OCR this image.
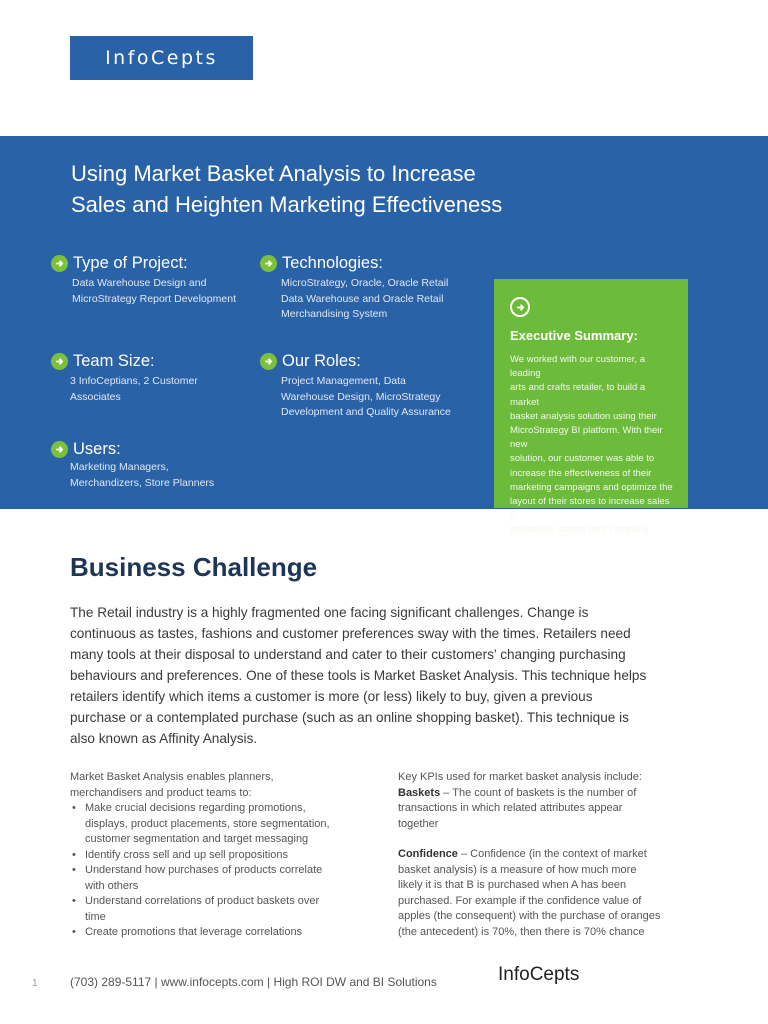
InfoCepts
Using Market Basket Analysis to Increase
Sales and Heighten Marketing Effectiveness
Type of Project:
Data Warehouse Design and
MicroStrategy Report Development
Technologies:
MicroStrategy, Oracle, Oracle Retail
Data Warehouse and Oracle Retail
Merchandising System
Team Size:
3 InfoCeptians, 2 Customer
Associates
Our Roles:
Project Management, Data
Warehouse Design, MicroStrategy
Development and Quality Assurance
Users:
Marketing Managers,
Merchandizers, Store Planners
Executive Summary:
We worked with our customer, a leading
arts and crafts retailer, to build a market
basket analysis solution using their
MicroStrategy BI platform. With their new
solution, our customer was able to
increase the effectiveness of their
marketing campaigns and optimize the
layout of their stores to increase sales &
profitability across their company.
Business Challenge
The Retail industry is a highly fragmented one facing significant challenges. Change is
continuous as tastes, fashions and customer preferences sway with the times. Retailers need
many tools at their disposal to understand and cater to their customers’ changing purchasing
behaviours and preferences. One of these tools is Market Basket Analysis. This technique helps
retailers identify which items a customer is more (or less) likely to buy, given a previous
purchase or a contemplated purchase (such as an online shopping basket). This technique is
also known as Affinity Analysis.
Market Basket Analysis enables planners,
merchandisers and product teams to:
• Make crucial decisions regarding promotions,
displays, product placements, store segmentation,
customer segmentation and target messaging
• Identify cross sell and up sell propositions
• Understand how purchases of products correlate
with others
• Understand correlations of product baskets over
time
• Create promotions that leverage correlations

Key KPIs used for market basket analysis include:
Baskets – The count of baskets is the number of
transactions in which related attributes appear
together

Confidence – Confidence (in the context of market
basket analysis) is a measure of how much more
likely it is that B is purchased when A has been
purchased. For example if the confidence value of
apples (the consequent) with the purchase of oranges
(the antecedent) is 70%, then there is 70% chance

1	(703) 289-5117 | www.infocepts.com | High ROI DW and BI Solutions	InfoCepts
